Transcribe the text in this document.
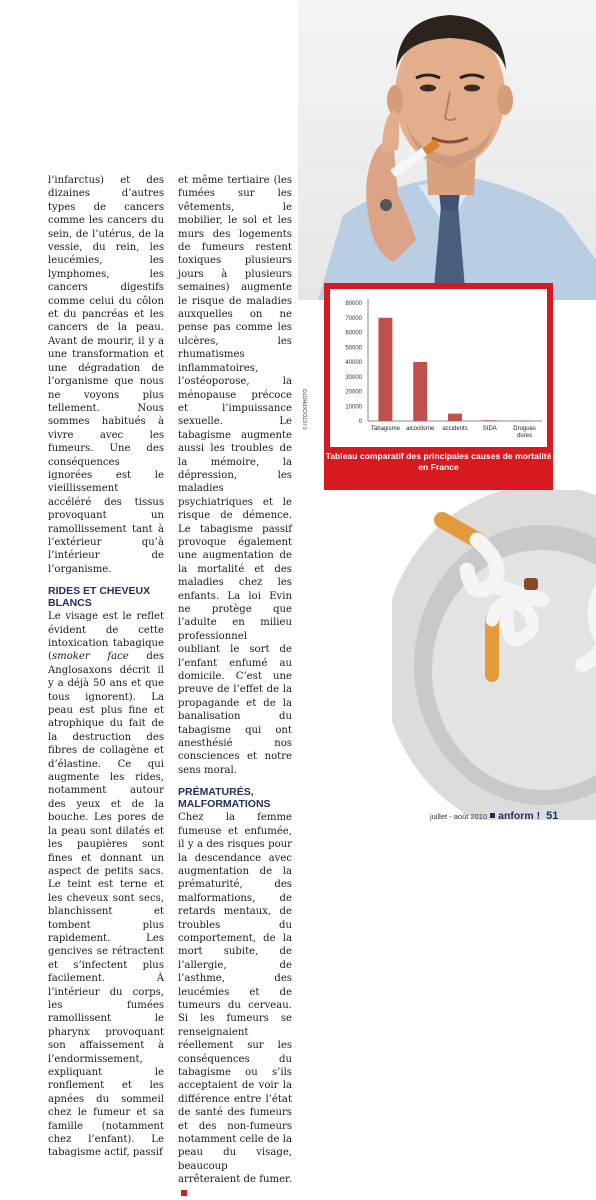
l’infarctus) et des dizaines d’autres types de cancers comme les cancers du sein, de l’utérus, de la vessie, du rein, les leucémies, les lymphomes, les cancers digestifs comme celui du côlon et du pancréas et les cancers de la peau. Avant de mourir, il y a une transformation et une dégradation de l’organisme que nous ne voyons plus tellement. Nous sommes habitués à vivre avec les fumeurs. Une des conséquences ignorées est le vieillissement accéléré des tissus provoquant un ramollissement tant à l’extérieur qu’à l’intérieur de l’organisme.

RIDES ET CHEVEUX BLANCS

Le visage est le reflet évident de cette intoxication tabagique (smoker face des Anglosaxons décrit il y a déjà 50 ans et que tous ignorent). La peau est plus fine et atrophique du fait de la destruction des fibres de collagène et d’élastine. Ce qui augmente les rides, notamment autour des yeux et de la bouche. Les pores de la peau sont dilatés et les paupières sont fines et donnant un aspect de petits sacs. Le teint est terne et les cheveux sont secs, blanchissent et tombent plus rapidement. Les gencives se rétractent et s’infectent plus facilement. À l’intérieur du corps, les fumées ramollissent le pharynx provoquant son affaissement à l’endormissement, expliquant le ronflement et les apnées du sommeil chez le fumeur et sa famille (notamment chez l’enfant). Le tabagisme actif, passif

et même tertiaire (les fumées sur les vêtements, le mobilier, le sol et les murs des logements de fumeurs restent toxiques plusieurs jours à plusieurs semaines) augmente le risque de maladies auxquelles on ne pense pas comme les ulcères, les rhumatismes inflammatoires, l’ostéoporose, la ménopause précoce et l’impuissance sexuelle. Le tabagisme augmente aussi les troubles de la mémoire, la dépression, les maladies psychiatriques et le risque de démence. Le tabagisme passif provoque également une augmentation de la mortalité et des maladies chez les enfants. La loi Evin ne protège que l’adulte en milieu professionnel oubliant le sort de l’enfant enfumé au domicile. C’est une preuve de l’effet de la propagande et de la banalisation du tabagisme qui ont anesthésié nos consciences et notre sens moral.

PRÉMATURÉS, MALFORMATIONS

Chez la femme fumeuse et enfumée, il y a des risques pour la descendance avec augmentation de la prématurité, des malformations, de retards mentaux, de troubles du comportement, de la mort subite, de l’allergie, de l’asthme, des leucémies et de tumeurs du cerveau. Si les fumeurs se renseignaient réellement sur les conséquences du tabagisme ou s’ils acceptaient de voir la différence entre l’état de santé des fumeurs et des non-fumeurs notamment celle de la peau du visage, beaucoup arrêteraient de fumer.

© ISTOCKPHOTO	0
10000
20000
30000
40000
50000
60000
70000
80000
Tabagisme alcoolisme accidents	SIDA	Drogues
dures
Tableau comparatif des principales causes de mortalité en France
juillet - août 2010 anform ! 51
